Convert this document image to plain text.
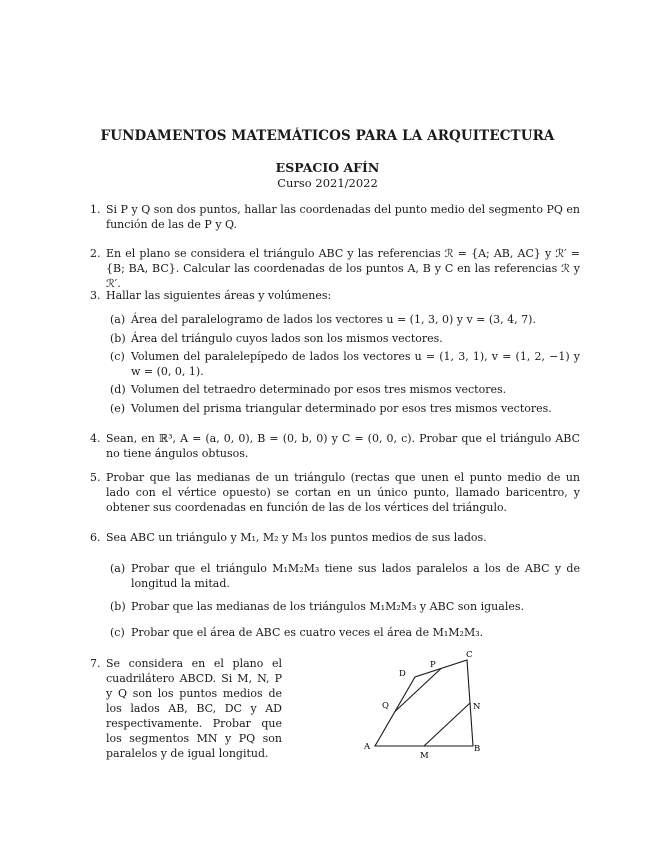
FUNDAMENTOS MATEMÁTICOS PARA LA ARQUITECTURA
ESPACIO AFÍN
Curso 2021/2022
1. Si P y Q son dos puntos, hallar las coordenadas del punto medio del segmento PQ en función de las de P y Q.
2. En el plano se considera el triángulo ABC y las referencias ℛ = {A; AB, AC} y ℛ′ = {B; BA, BC}. Calcular las coordenadas de los puntos A, B y C en las referencias ℛ y ℛ′.
3. Hallar las siguientes áreas y volúmenes:
(a) Área del paralelogramo de lados los vectores u = (1, 3, 0) y v = (3, 4, 7).
(b) Área del triángulo cuyos lados son los mismos vectores.
(c) Volumen del paralelepípedo de lados los vectores u = (1, 3, 1), v = (1, 2, −1) y w = (0, 0, 1).
(d) Volumen del tetraedro determinado por esos tres mismos vectores.
(e) Volumen del prisma triangular determinado por esos tres mismos vectores.
4. Sean, en ℝ³, A = (a, 0, 0), B = (0, b, 0) y C = (0, 0, c). Probar que el triángulo ABC no tiene ángulos obtusos.
5. Probar que las medianas de un triángulo (rectas que unen el punto medio de un lado con el vértice opuesto) se cortan en un único punto, llamado baricentro, y obtener sus coordenadas en función de las de los vértices del triángulo.
6. Sea ABC un triángulo y M₁, M₂ y M₃ los puntos medios de sus lados.
(a) Probar que el triángulo M₁M₂M₃ tiene sus lados paralelos a los de ABC y de longitud la mitad.
(b) Probar que las medianas de los triángulos M₁M₂M₃ y ABC son iguales.
(c) Probar que el área de ABC es cuatro veces el área de M₁M₂M₃.
7. Se considera en el plano el cuadrilátero ABCD. Si M, N, P y Q son los puntos medios de los lados AB, BC, DC y AD respectivamente. Probar que los segmentos MN y PQ son paralelos y de igual longitud.	A	B
C
D
M
N
P
Q
